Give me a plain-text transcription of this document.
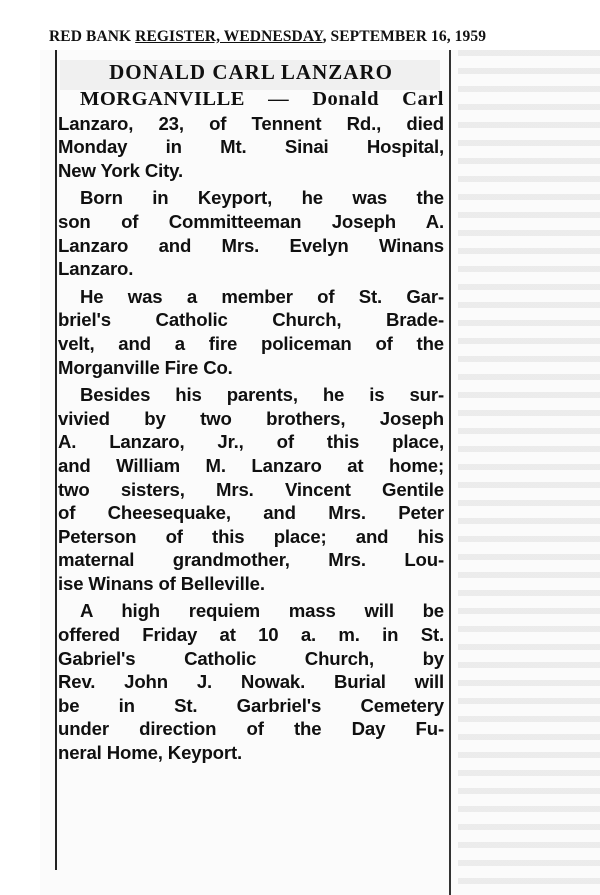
RED BANK REGISTER, WEDNESDAY, SEPTEMBER 16, 1959
DONALD CARL LANZARO
MORGANVILLE — Donald Carl
Lanzaro, 23, of Tennent Rd., died
Monday in Mt. Sinai Hospital,
New York City.
Born in Keyport, he was the
son of Committeeman Joseph A.
Lanzaro and Mrs. Evelyn Winans
Lanzaro.
He was a member of St. Gar-
briel's Catholic Church, Brade-
velt, and a fire policeman of the
Morganville Fire Co.
Besides his parents, he is sur-
vivied by two brothers, Joseph
A. Lanzaro, Jr., of this place,
and William M. Lanzaro at home;
two sisters, Mrs. Vincent Gentile
of Cheesequake, and Mrs. Peter
Peterson of this place; and his
maternal grandmother, Mrs. Lou-
ise Winans of Belleville.
A high requiem mass will be
offered Friday at 10 a. m. in St.
Gabriel's Catholic Church, by
Rev. John J. Nowak. Burial will
be in St. Garbriel's Cemetery
under direction of the Day Fu-
neral Home, Keyport.
